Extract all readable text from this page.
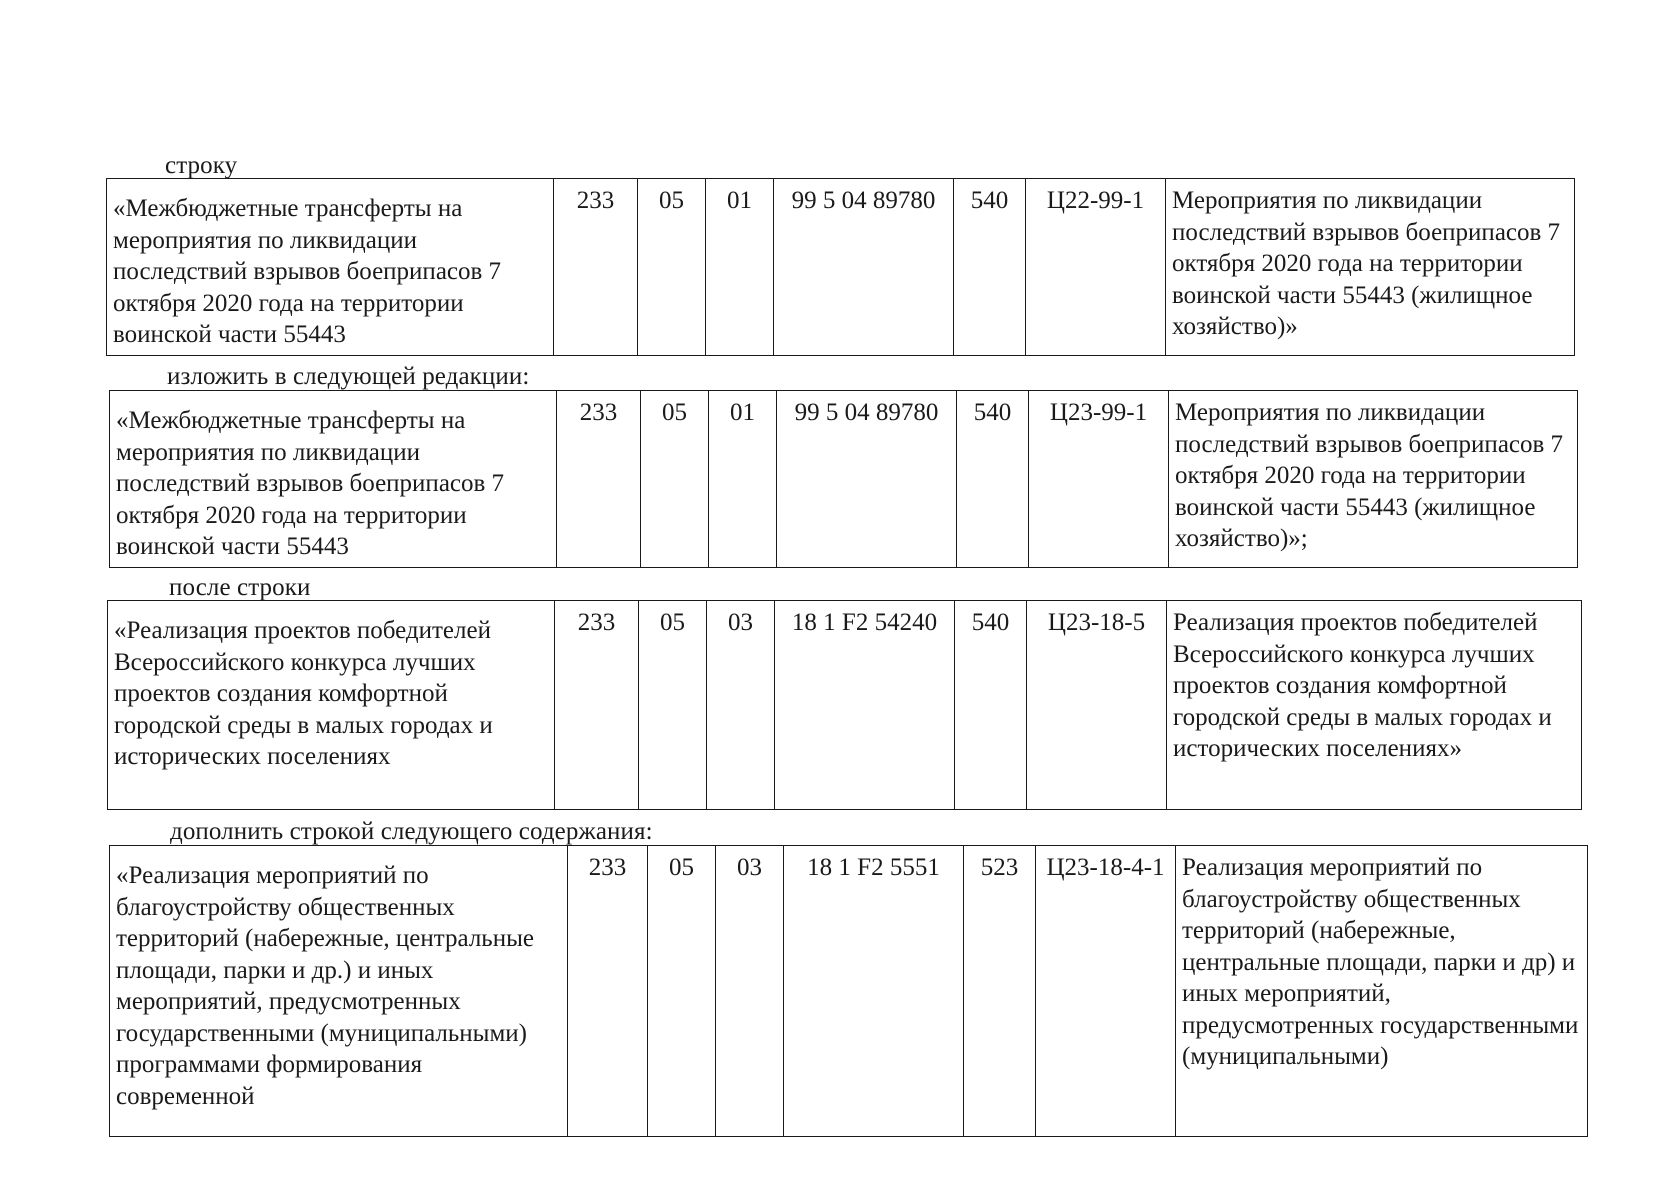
строку
«Межбюджетные трансферты на мероприятия по ликвидации последствий взрывов боеприпасов 7 октября 2020 года на территории воинской части 55443	233	05	01	99 5 04 89780	540	Ц22-99-1	Мероприятия по ликвидации последствий взрывов боеприпасов 7 октября 2020 года на территории воинской части 55443 (жилищное хозяйство)»
изложить в следующей редакции:
«Межбюджетные трансферты на мероприятия по ликвидации последствий взрывов боеприпасов 7 октября 2020 года на территории воинской части 55443	233	05	01	99 5 04 89780	540	Ц23-99-1	Мероприятия по ликвидации последствий взрывов боеприпасов 7 октября 2020 года на территории воинской части 55443 (жилищное хозяйство)»;
после строки
«Реализация проектов победителей Всероссийского конкурса лучших проектов создания комфортной городской среды в малых городах и исторических поселениях	233	05	03	18 1 F2 54240	540	Ц23-18-5	Реализация проектов победителей Всероссийского конкурса лучших проектов создания комфортной городской среды в малых городах и исторических поселениях»
дополнить строкой следующего содержания:
«Реализация мероприятий по благоустройству общественных территорий (набережные, центральные площади, парки и др.) и иных мероприятий, предусмотренных государственными (муниципальными) программами формирования современной	233	05	03	18 1 F2 5551	523	Ц23-18-4-1	Реализация мероприятий по благоустройству общественных территорий (набережные, центральные площади, парки и др) и иных мероприятий, предусмотренных государственными (муниципальными)
